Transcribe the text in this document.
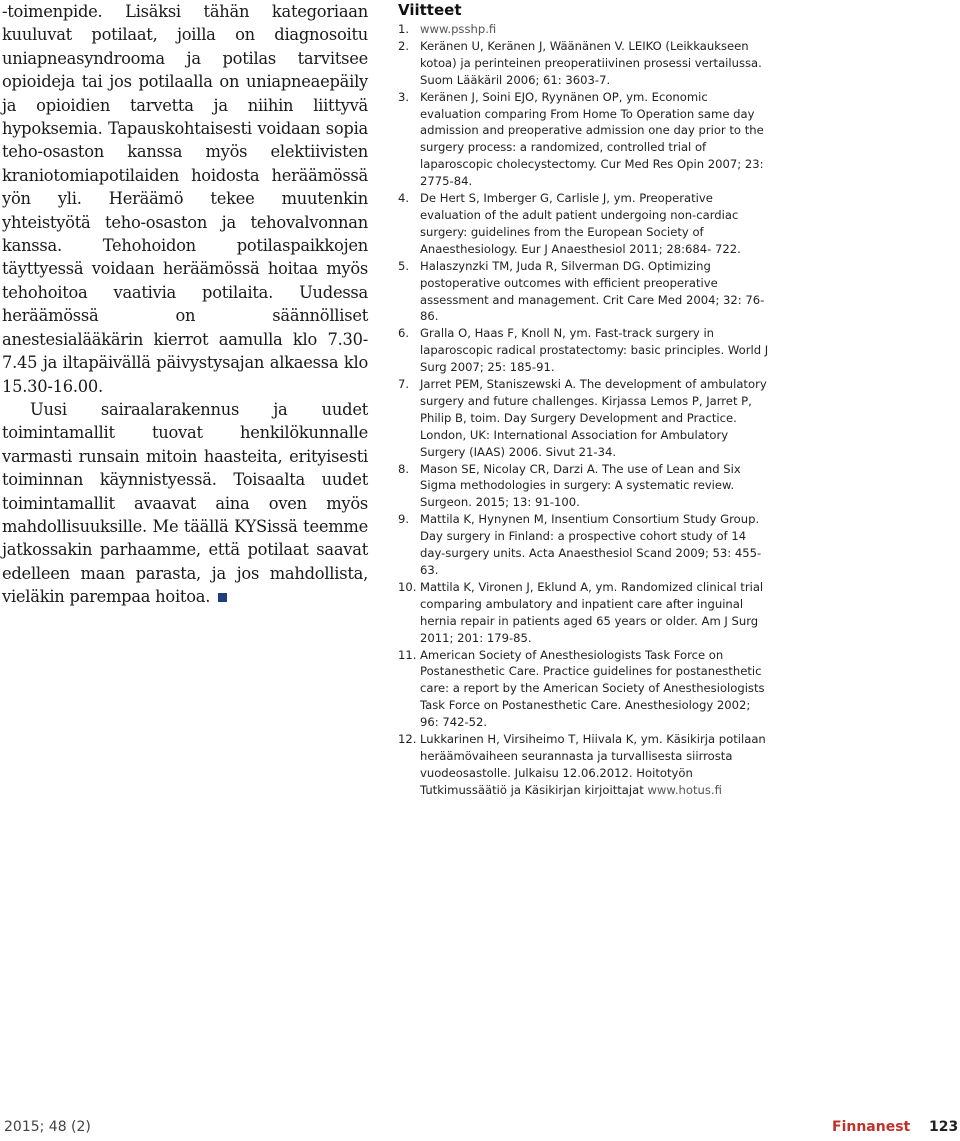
-toimenpide. Lisäksi tähän kategoriaan kuuluvat potilaat, joilla on diagnosoitu uniapneasyndrooma ja potilas tarvitsee opioideja tai jos potilaalla on uniapneaepäily ja opioidien tarvetta ja niihin liittyvä hypoksemia. Tapauskohtaisesti voidaan sopia teho-osaston kanssa myös elektiivisten kraniotomiapotilaiden hoidosta heräämössä yön yli. Heräämö tekee muutenkin yhteistyötä teho-osaston ja tehovalvonnan kanssa. Tehohoidon potilaspaikkojen täyttyessä voidaan heräämössä hoitaa myös tehohoitoa vaativia potilaita. Uudessa heräämössä on säännölliset anestesialääkärin kierrot aamulla klo 7.30-7.45 ja iltapäivällä päivystysajan alkaessa klo 15.30-16.00.

Uusi sairaalarakennus ja uudet toimintamallit tuovat henkilökunnalle varmasti runsain mitoin haasteita, erityisesti toiminnan käynnistyessä. Toisaalta uudet toimintamallit avaavat aina oven myös mahdollisuuksille. Me täällä KYSissä teemme jatkossakin parhaamme, että potilaat saavat edelleen maan parasta, ja jos mahdollista, vieläkin parempaa hoitoa.

Viitteet
1. www.psshp.fi
2. Keränen U, Keränen J, Wäänänen V. LEIKO (Leikkaukseen kotoa) ja perinteinen preoperatiivinen prosessi vertailussa. Suom Lääkäril 2006; 61: 3603-7.
3. Keränen J, Soini EJO, Ryynänen OP, ym. Economic evaluation comparing From Home To Operation same day admission and preoperative admission one day prior to the surgery process: a randomized, controlled trial of laparoscopic cholecystectomy. Cur Med Res Opin 2007; 23: 2775-84.
4. De Hert S, Imberger G, Carlisle J, ym. Preoperative evaluation of the adult patient undergoing non-cardiac surgery: guidelines from the European Society of Anaesthesiology. Eur J Anaesthesiol 2011; 28:684- 722.
5. Halaszynzki TM, Juda R, Silverman DG. Optimizing postoperative outcomes with efficient preoperative assessment and management. Crit Care Med 2004; 32: 76-86.
6. Gralla O, Haas F, Knoll N, ym. Fast-track surgery in laparoscopic radical prostatectomy: basic principles. World J Surg 2007; 25: 185-91.
7. Jarret PEM, Staniszewski A. The development of ambulatory surgery and future challenges. Kirjassa Lemos P, Jarret P, Philip B, toim. Day Surgery Development and Practice. London, UK: International Association for Ambulatory Surgery (IAAS) 2006. Sivut 21-34.
8. Mason SE, Nicolay CR, Darzi A. The use of Lean and Six Sigma methodologies in surgery: A systematic review. Surgeon. 2015; 13: 91-100.
9. Mattila K, Hynynen M, Insentium Consortium Study Group. Day surgery in Finland: a prospective cohort study of 14 day-surgery units. Acta Anaesthesiol Scand 2009; 53: 455-63.
10. Mattila K, Vironen J, Eklund A, ym. Randomized clinical trial comparing ambulatory and inpatient care after inguinal hernia repair in patients aged 65 years or older. Am J Surg 2011; 201: 179-85.
11. American Society of Anesthesiologists Task Force on Postanesthetic Care. Practice guidelines for postanesthetic care: a report by the American Society of Anesthesiologists Task Force on Postanesthetic Care. Anesthesiology 2002; 96: 742-52.
12. Lukkarinen H, Virsiheimo T, Hiivala K, ym. Käsikirja potilaan heräämövaiheen seurannasta ja turvallisesta siirrosta vuodeosastolle. Julkaisu 12.06.2012. Hoitotyön Tutkimussäätiö ja Käsikirjan kirjoittajat www.hotus.fi
2015; 48 (2)	Finnanest 123
